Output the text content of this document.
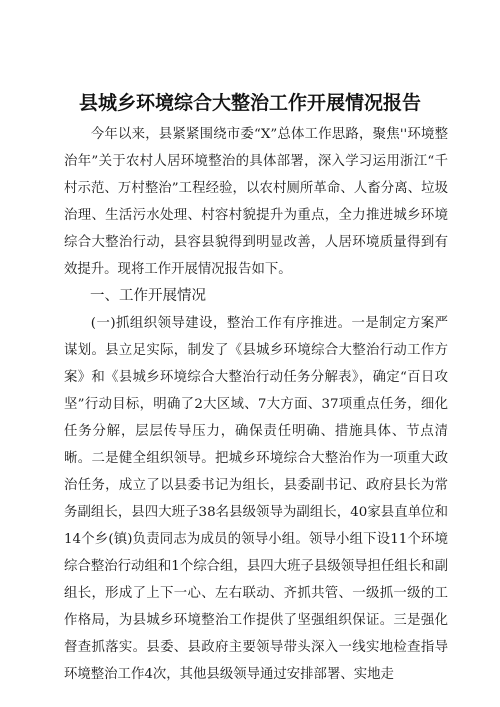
县城乡环境综合大整治工作开展情况报告

今年以来，县紧紧围绕市委“X”总体工作思路，聚焦''环境整治年”关于农村人居环境整治的具体部署，深入学习运用浙江“千村示范、万村整治”工程经验，以农村厕所革命、人畜分离、垃圾治理、生活污水处理、村容村貌提升为重点，全力推进城乡环境综合大整治行动，县容县貌得到明显改善，人居环境质量得到有效提升。现将工作开展情况报告如下。

一、工作开展情况

(一)抓组织领导建设，整治工作有序推进。一是制定方案严谋划。县立足实际，制发了《县城乡环境综合大整治行动工作方案》和《县城乡环境综合大整治行动任务分解表》，确定“百日攻坚”行动目标，明确了2大区域、7大方面、37项重点任务，细化任务分解，层层传导压力，确保责任明确、措施具体、节点清晰。二是健全组织领导。把城乡环境综合大整治作为一项重大政治任务，成立了以县委书记为组长，县委副书记、政府县长为常务副组长，县四大班子38名县级领导为副组长，40家县直单位和14个乡(镇)负责同志为成员的领导小组。领导小组下设11个环境综合整治行动组和1个综合组，县四大班子县级领导担任组长和副组长，形成了上下一心、左右联动、齐抓共管、一级抓一级的工作格局，为县城乡环境整治工作提供了坚强组织保证。三是强化督查抓落实。县委、县政府主要领导带头深入一线实地检查指导环境整治工作4次，其他县级领导通过安排部署、实地走
